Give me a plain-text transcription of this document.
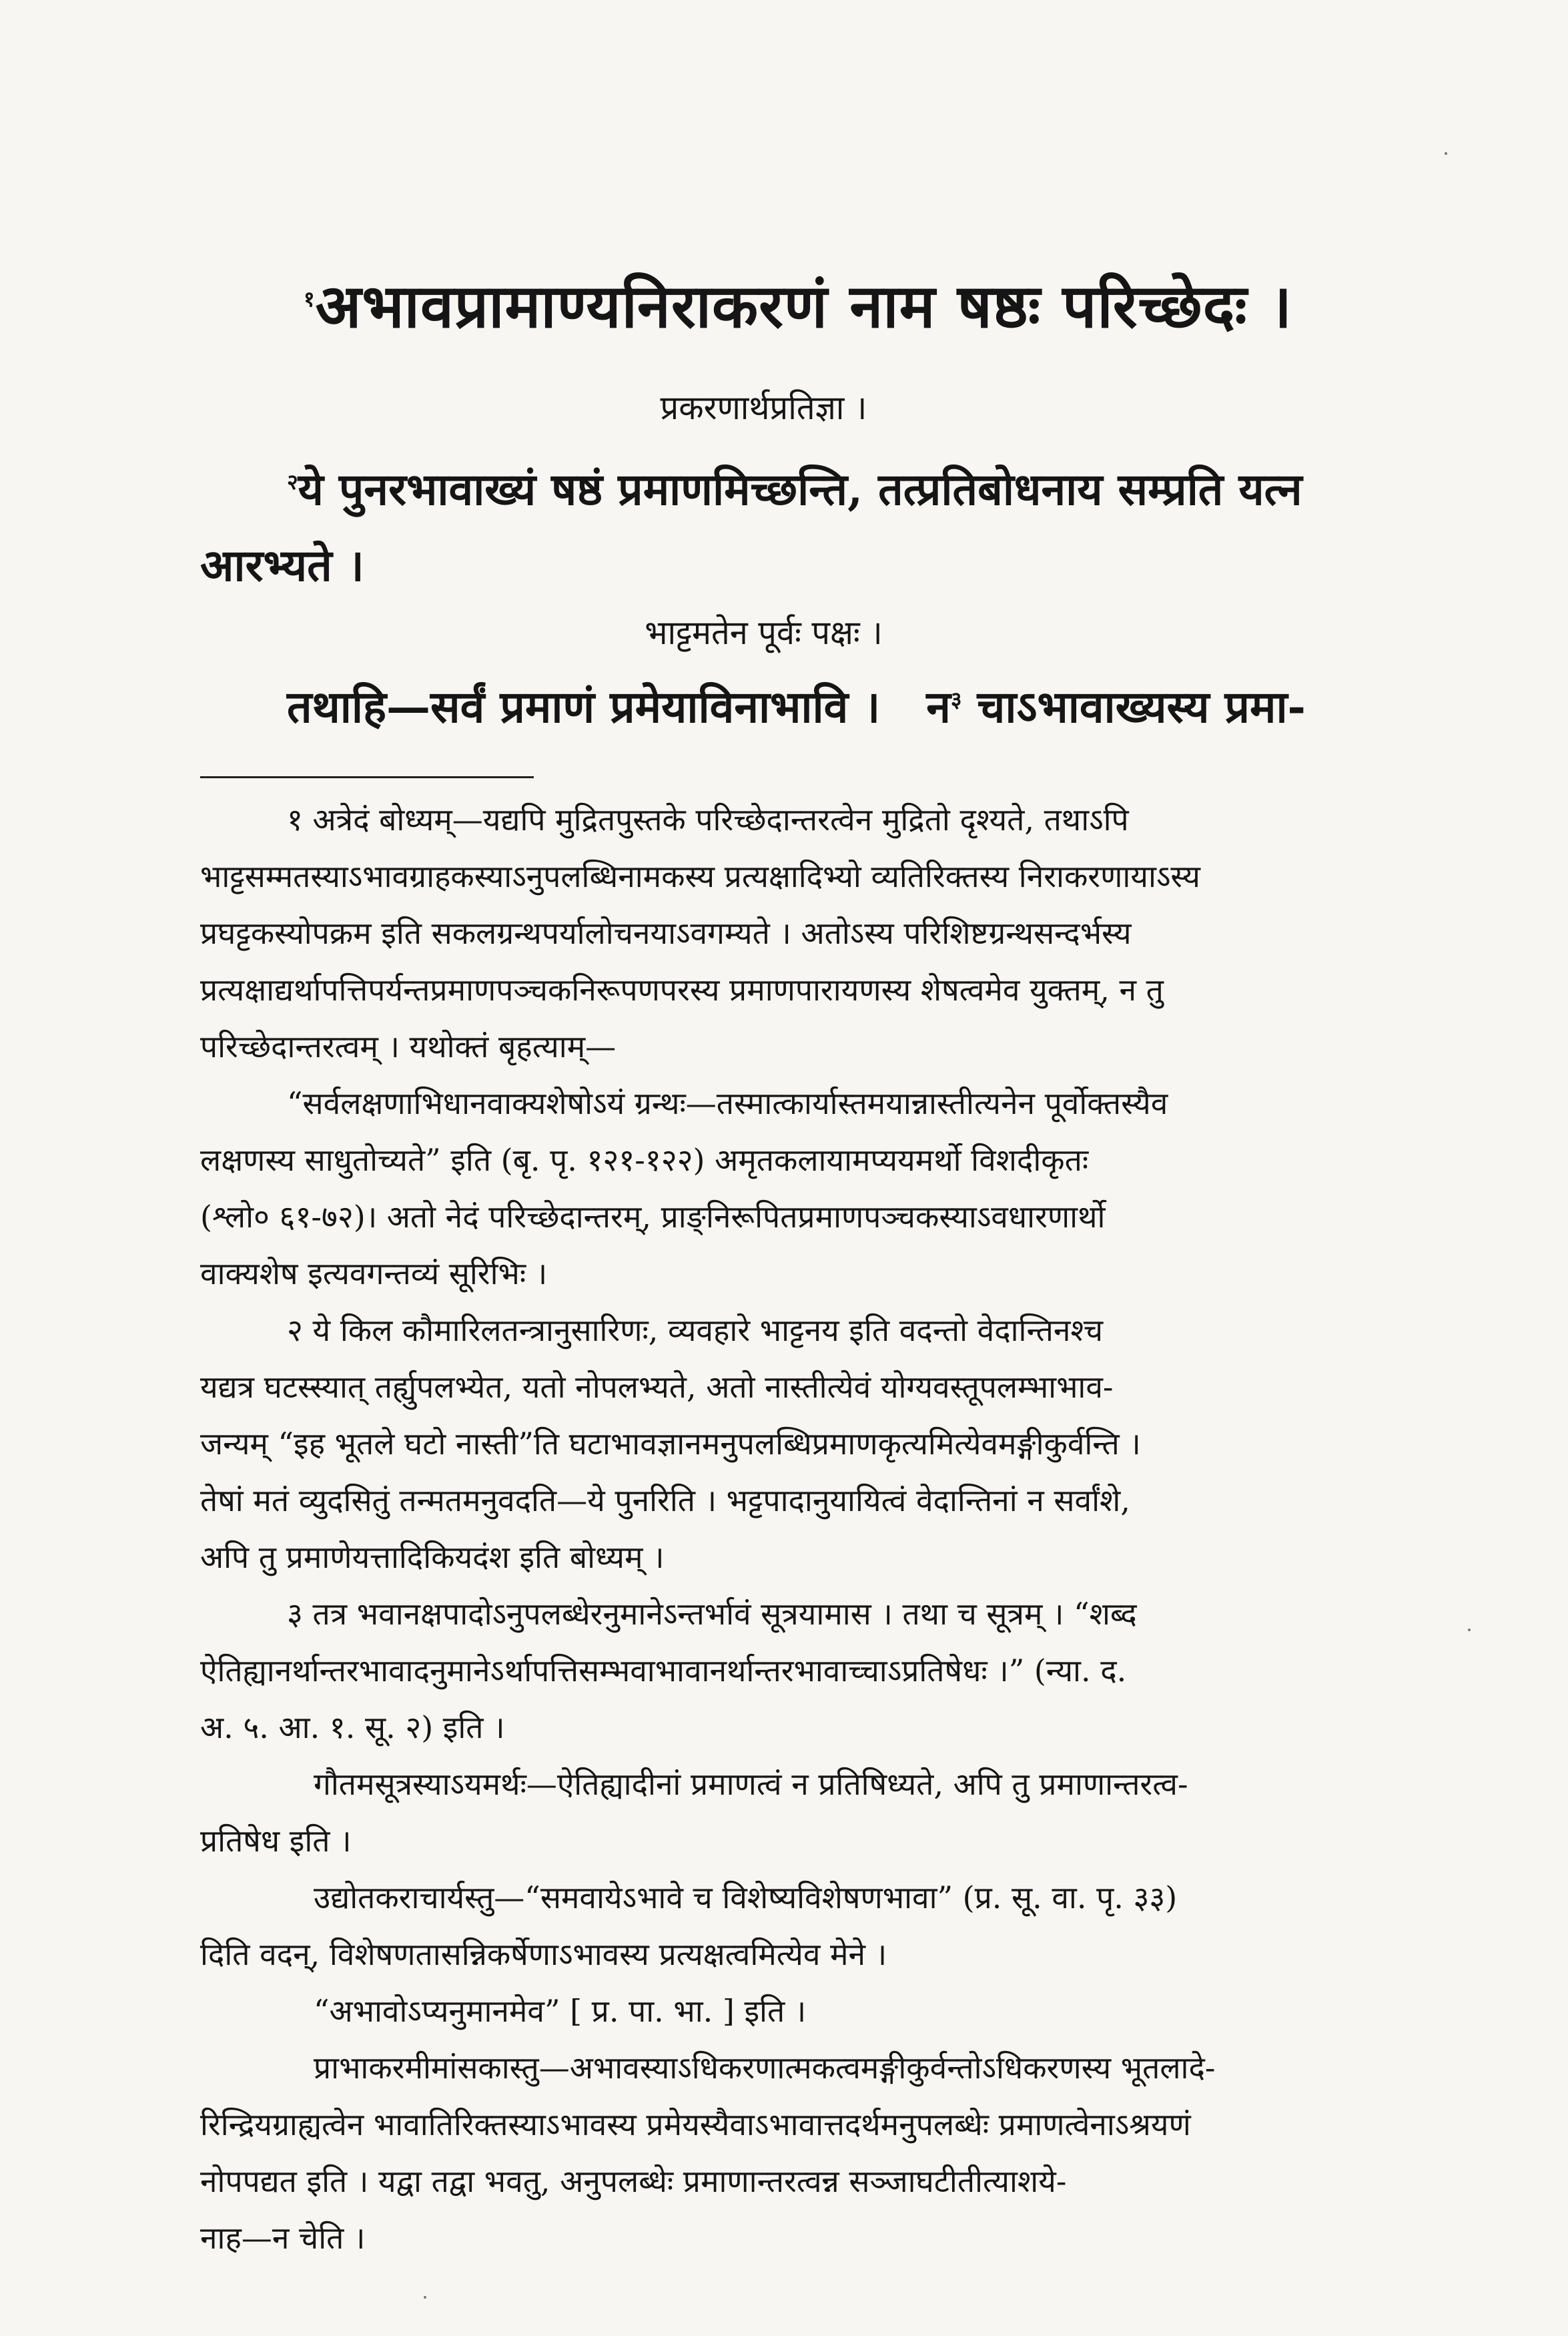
$^१$अभावप्रामाण्यनिराकरणं नाम षष्ठः परिच्छेदः ।
प्रकरणार्थप्रतिज्ञा ।
$^२$ये पुनरभावाख्यं षष्ठं प्रमाणमिच्छन्ति, तत्प्रतिबोधनाय सम्प्रति यत्न
आरभ्यते ।
भाट्टमतेन पूर्वः पक्षः ।
तथाहि—सर्वं प्रमाणं प्रमेयाविनाभावि । न$^३$ चाऽभावाख्यस्य प्रमा-
१ अत्रेदं बोध्यम्—यद्यपि मुद्रितपुस्तके परिच्छेदान्तरत्वेन मुद्रितो दृश्यते, तथाऽपि
भाट्टसम्मतस्याऽभावग्राहकस्याऽनुपलब्धिनामकस्य प्रत्यक्षादिभ्यो व्यतिरिक्तस्य निराकरणायाऽस्य
प्रघट्टकस्योपक्रम इति सकलग्रन्थपर्यालोचनयाऽवगम्यते । अतोऽस्य परिशिष्टग्रन्थसन्दर्भस्य
प्रत्यक्षाद्यर्थापत्तिपर्यन्तप्रमाणपञ्चकनिरूपणपरस्य प्रमाणपारायणस्य शेषत्वमेव युक्तम्, न तु
परिच्छेदान्तरत्वम् । यथोक्तं बृहत्याम्—
“सर्वलक्षणाभिधानवाक्यशेषोऽयं ग्रन्थः—तस्मात्कार्यास्तमयान्नास्तीत्यनेन पूर्वोक्तस्यैव
लक्षणस्य साधुतोच्यते” इति (बृ. पृ. १२१-१२२) अमृतकलायामप्ययमर्थो विशदीकृतः
(श्लो० ६१-७२)। अतो नेदं परिच्छेदान्तरम्, प्राङ्निरूपितप्रमाणपञ्चकस्याऽवधारणार्थो
वाक्यशेष इत्यवगन्तव्यं सूरिभिः ।
२ ये किल कौमारिलतन्त्रानुसारिणः, व्यवहारे भाट्टनय इति वदन्तो वेदान्तिनश्च
यद्यत्र घटस्स्यात् तर्ह्युपलभ्येत, यतो नोपलभ्यते, अतो नास्तीत्येवं योग्यवस्तूपलम्भाभाव-
जन्यम् “इह भूतले घटो नास्ती”ति घटाभावज्ञानमनुपलब्धिप्रमाणकृत्यमित्येवमङ्गीकुर्वन्ति ।
तेषां मतं व्युदसितुं तन्मतमनुवदति—ये पुनरिति । भट्टपादानुयायित्वं वेदान्तिनां न सर्वांशे,
अपि तु प्रमाणेयत्तादिकियदंश इति बोध्यम् ।
३ तत्र भवानक्षपादोऽनुपलब्धेरनुमानेऽन्तर्भावं सूत्रयामास । तथा च सूत्रम् । “शब्द
ऐतिह्यानर्थान्तरभावादनुमानेऽर्थापत्तिसम्भवाभावानर्थान्तरभावाच्चाऽप्रतिषेधः ।” (न्या. द.
अ. ५. आ. १. सू. २) इति ।
गौतमसूत्रस्याऽयमर्थः—ऐतिह्यादीनां प्रमाणत्वं न प्रतिषिध्यते, अपि तु प्रमाणान्तरत्व-
प्रतिषेध इति ।
उद्योतकराचार्यस्तु—“समवायेऽभावे च विशेष्यविशेषणभावा” (प्र. सू. वा. पृ. ३३)
दिति वदन्, विशेषणतासन्निकर्षेणाऽभावस्य प्रत्यक्षत्वमित्येव मेने ।
“अभावोऽप्यनुमानमेव” [ प्र. पा. भा. ] इति ।
प्राभाकरमीमांसकास्तु—अभावस्याऽधिकरणात्मकत्वमङ्गीकुर्वन्तोऽधिकरणस्य भूतलादे-
रिन्द्रियग्राह्यत्वेन भावातिरिक्तस्याऽभावस्य प्रमेयस्यैवाऽभावात्तदर्थमनुपलब्धेः प्रमाणत्वेनाऽश्रयणं
नोपपद्यत इति । यद्वा तद्वा भवतु, अनुपलब्धेः प्रमाणान्तरत्वन्न सञ्जाघटीतीत्याशये-
नाह—न चेति ।
